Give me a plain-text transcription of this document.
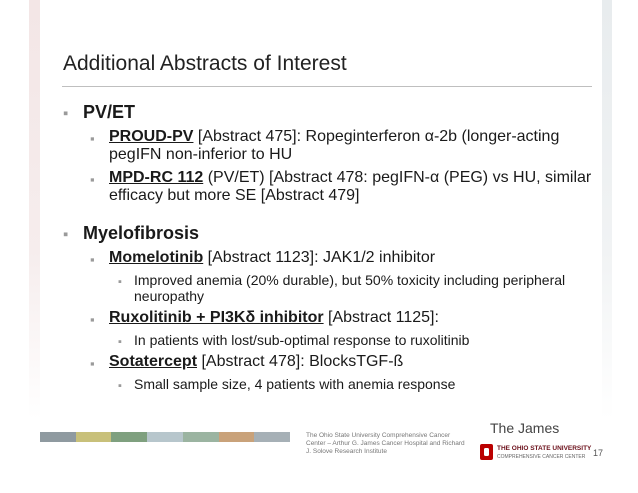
Additional Abstracts of Interest
▪ PV/ET
▪ PROUD-PV [Abstract 475]: Ropeginterferon α-2b (longer-acting pegIFN non-inferior to HU
▪ MPD-RC 112 (PV/ET) [Abstract 478: pegIFN-α (PEG) vs HU, similar efficacy but more SE [Abstract 479]
▪ Myelofibrosis
▪ Momelotinib [Abstract 1123]: JAK1/2 inhibitor
▪ Improved anemia (20% durable), but 50% toxicity including peripheral neuropathy
▪ Ruxolitinib + PI3Kδ inhibitor [Abstract 1125]:
▪ In patients with lost/sub-optimal response to ruxolitinib
▪ Sotatercept [Abstract 478]: BlocksTGF-ß
▪ Small sample size, 4 patients with anemia response
The Ohio State University Comprehensive Cancer Center – Arthur G. James Cancer Hospital and Richard J. Solove Research Institute
The James
THE OHIO STATE UNIVERSITY
COMPREHENSIVE CANCER CENTER 17
